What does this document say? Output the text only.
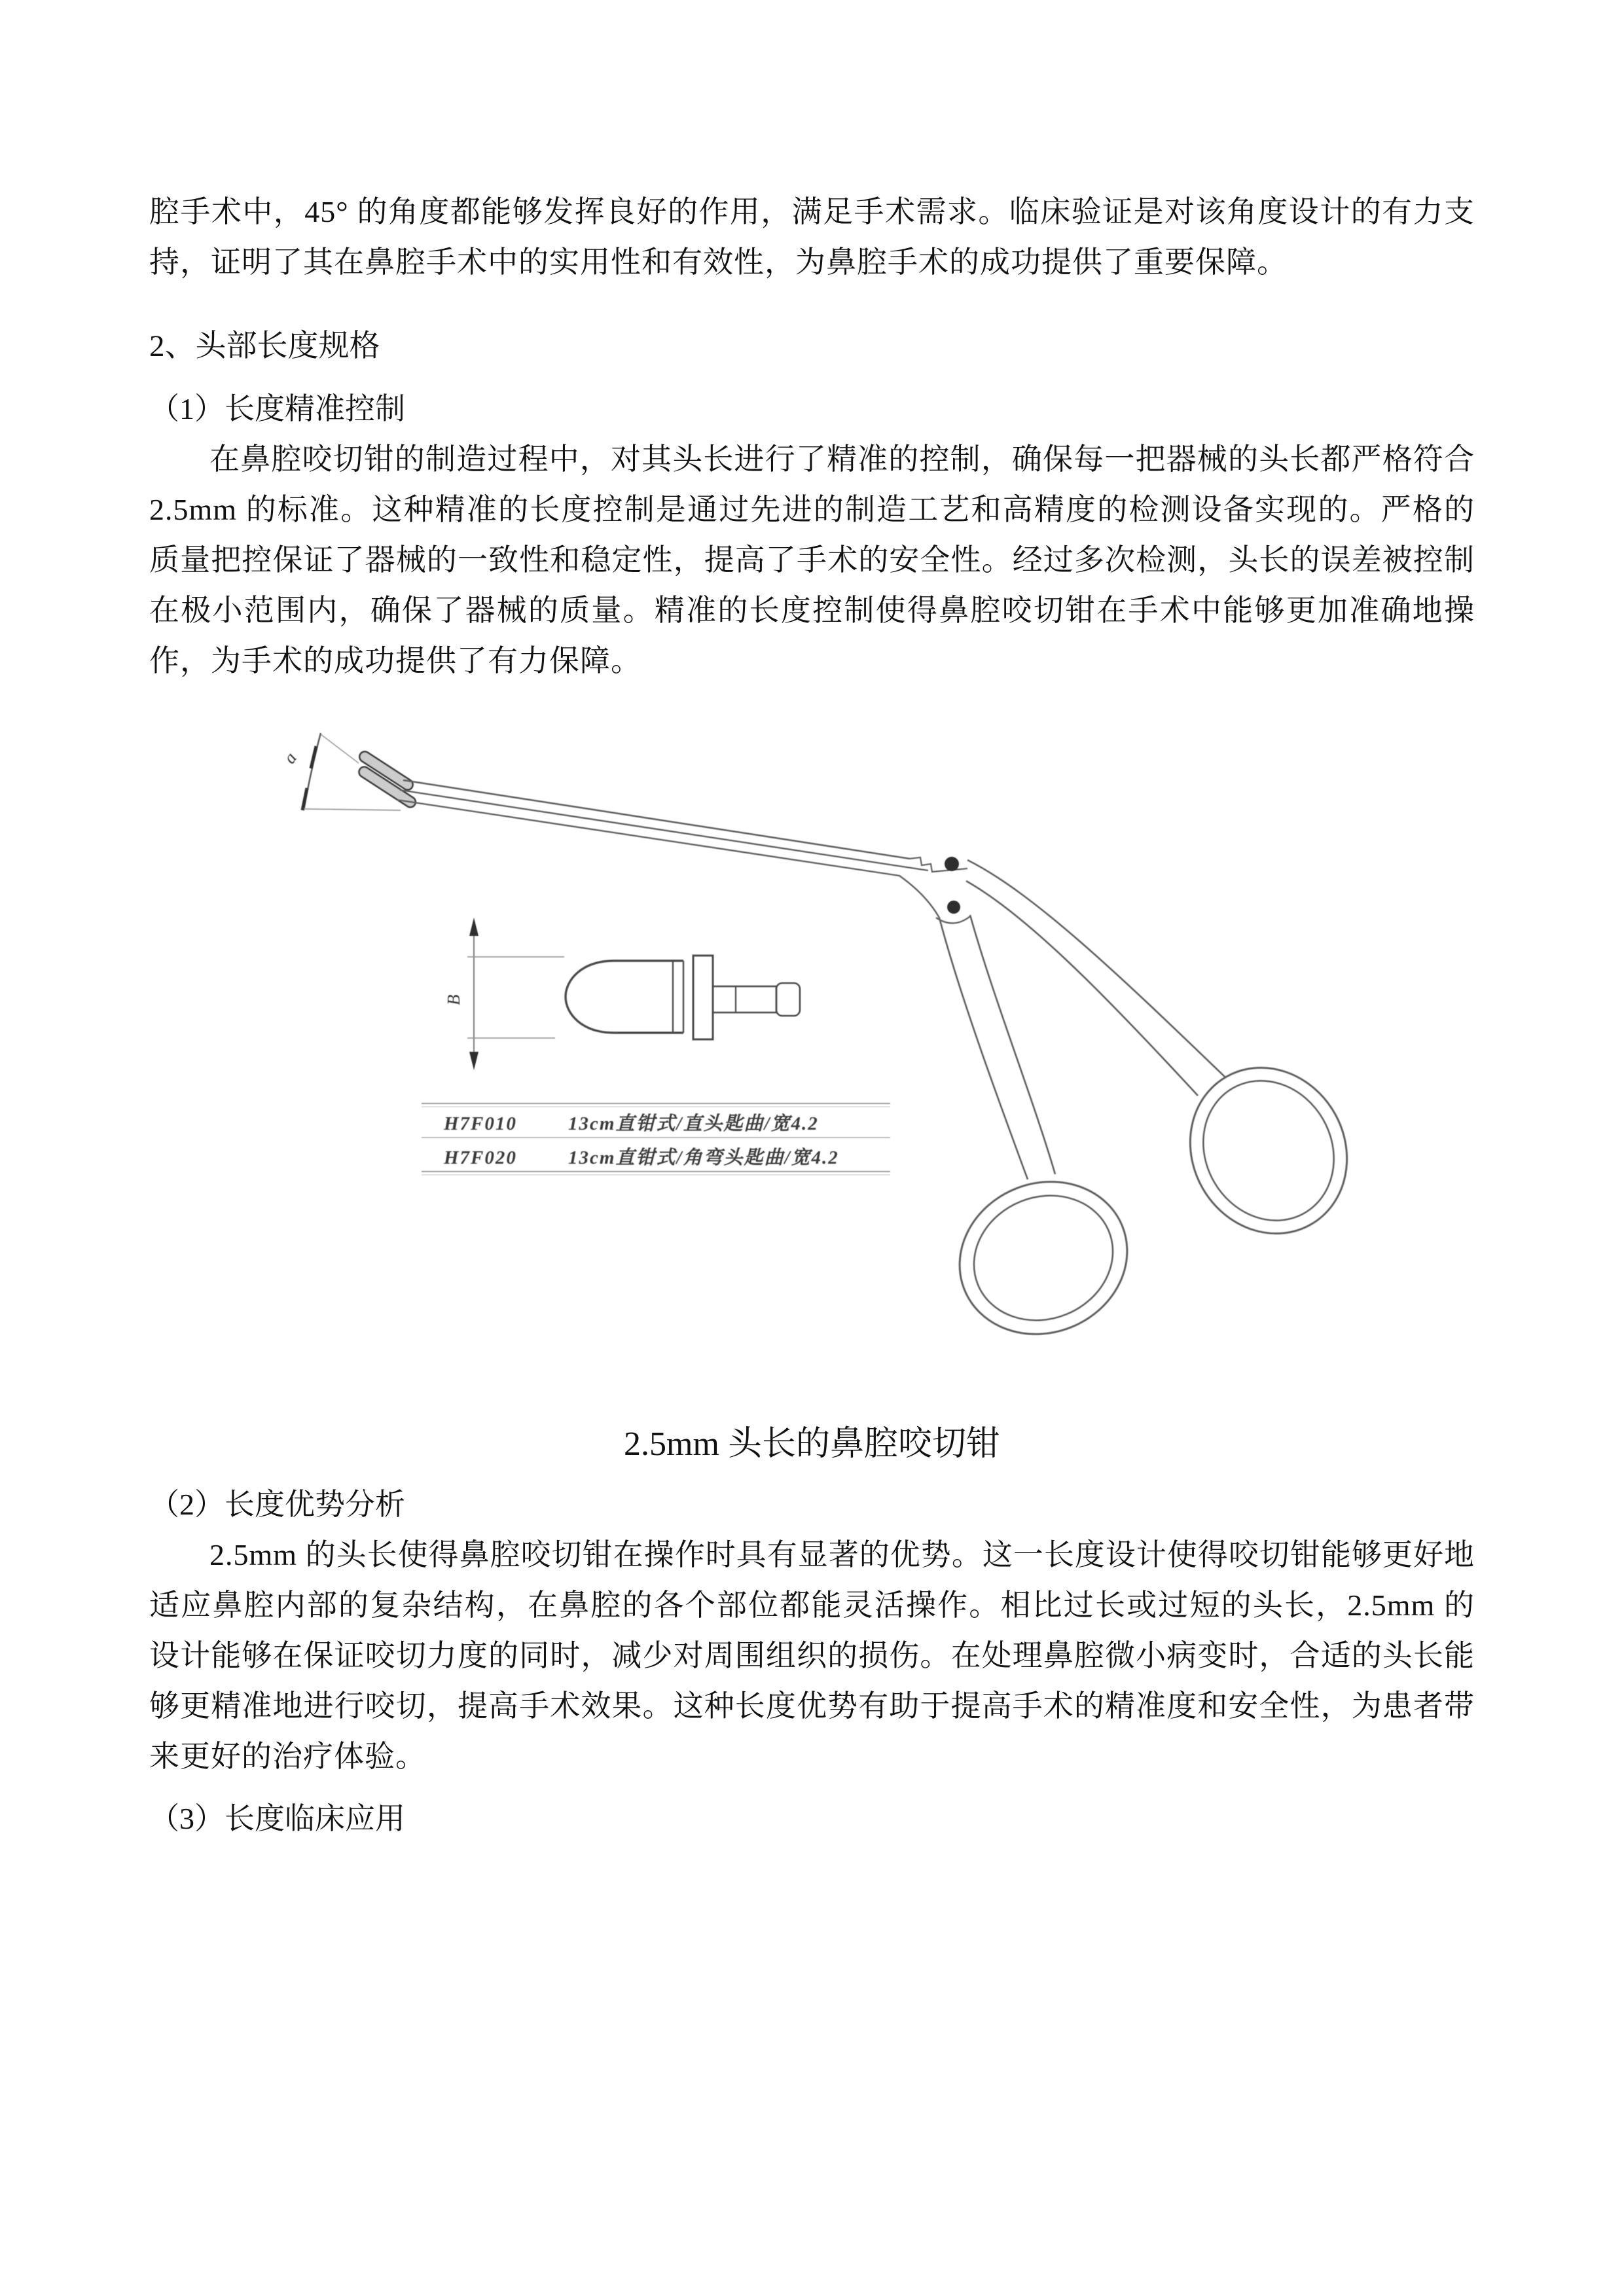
腔手术中，45° 的角度都能够发挥良好的作用，满足手术需求。临床验证是对该角度设计的有力支持，证明了其在鼻腔手术中的实用性和有效性，为鼻腔手术的成功提供了重要保障。

2、头部长度规格
（1）长度精准控制

在鼻腔咬切钳的制造过程中，对其头长进行了精准的控制，确保每一把器械的头长都严格符合 2.5mm 的标准。这种精准的长度控制是通过先进的制造工艺和高精度的检测设备实现的。严格的质量把控保证了器械的一致性和稳定性，提高了手术的安全性。经过多次检测，头长的误差被控制在极小范围内，确保了器械的质量。精准的长度控制使得鼻腔咬切钳在手术中能够更加准确地操作，为手术的成功提供了有力保障。

a
B
H7F010	13cm直钳式/直头匙曲/宽4.2
H7F020	13cm直钳式/角弯头匙曲/宽4.2
2.5mm 头长的鼻腔咬切钳
（2）长度优势分析

2.5mm 的头长使得鼻腔咬切钳在操作时具有显著的优势。这一长度设计使得咬切钳能够更好地适应鼻腔内部的复杂结构，在鼻腔的各个部位都能灵活操作。相比过长或过短的头长，2.5mm 的设计能够在保证咬切力度的同时，减少对周围组织的损伤。在处理鼻腔微小病变时，合适的头长能够更精准地进行咬切，提高手术效果。这种长度优势有助于提高手术的精准度和安全性，为患者带来更好的治疗体验。

（3）长度临床应用
